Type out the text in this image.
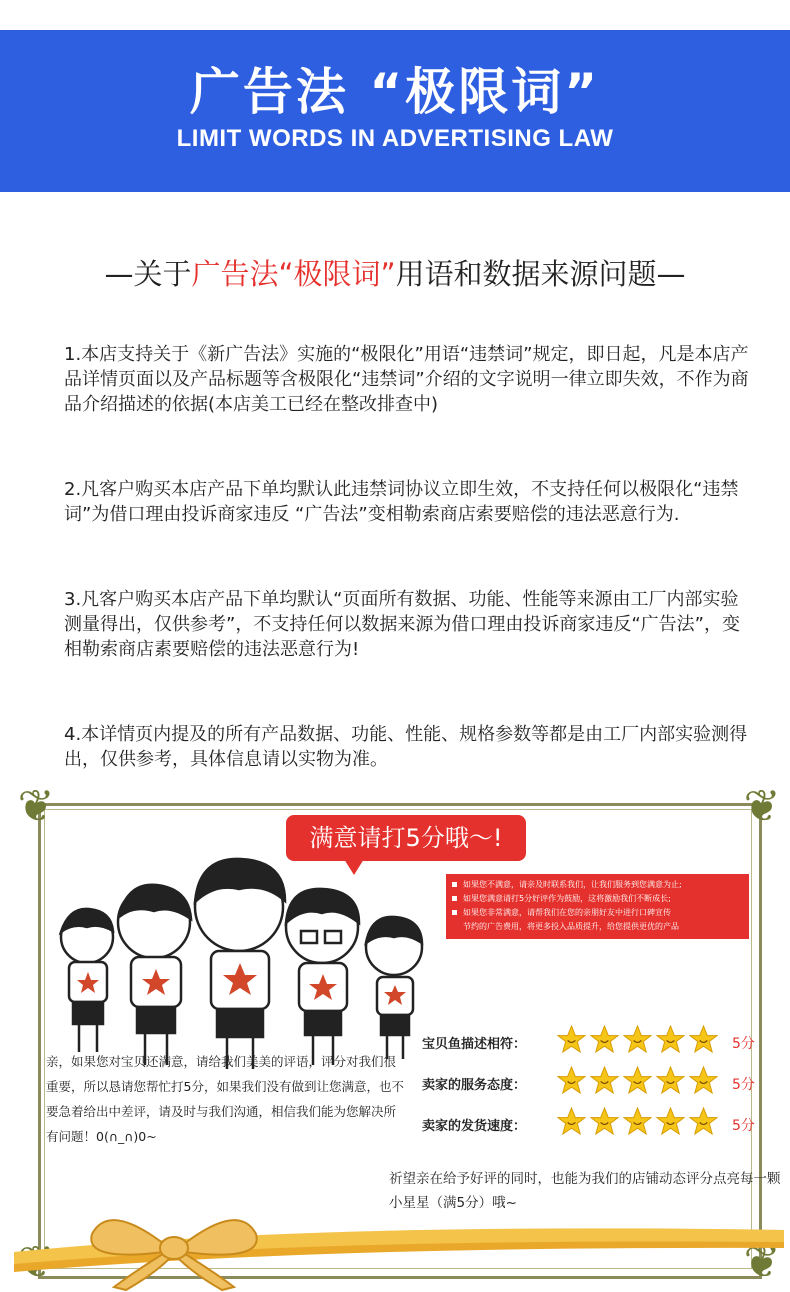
广告法 “极限词”
LIMIT WORDS IN ADVERTISING LAW
—关于广告法“极限词”用语和数据来源问题—

1.本店支持关于《新广告法》实施的“极限化”用语“违禁词”规定，即日起，凡是本店产品详情页面以及产品标题等含极限化“违禁词”介绍的文字说明一律立即失效，不作为商品介绍描述的依据(本店美工已经在整改排查中)

2.凡客户购买本店产品下单均默认此违禁词协议立即生效，不支持任何以极限化“违禁词”为借口理由投诉商家违反 “广告法”变相勒索商店索要赔偿的违法恶意行为.

3.凡客户购买本店产品下单均默认“页面所有数据、功能、性能等来源由工厂内部实验测量得出，仅供参考”，不支持任何以数据来源为借口理由投诉商家违反“广告法”，变相勒索商店素要赔偿的违法恶意行为!

4.本详情页内提及的所有产品数据、功能、性能、规格参数等都是由工厂内部实验测得出，仅供参考，具体信息请以实物为准。

❦	❦
❦
满意请打5分哦～!
如果您不满意，请亲及时联系我们，让我们服务到您满意为止;
如果您满意请打5分好评作为鼓励，这将激励我们不断成长;
如果您非常满意，请帮我们在您的亲朋好友中进行口碑宣传
节约的广告费用，将更多投入品质提升，给您提供更优的产品
亲，如果您对宝贝还满意，请给我们美美的评语，评分对我们很重要，所以恳请您帮忙打5分，如果我们没有做到让您满意，也不要急着给出中差评，请及时与我们沟通，相信我们能为您解决所有问题！0(∩_∩)0~
宝贝鱼描述相符：	5分
卖家的服务态度：	5分
卖家的发货速度：	5分
祈望亲在给予好评的同时，也能为我们的店铺动态评分点亮每一颗小星星（满5分）哦~
